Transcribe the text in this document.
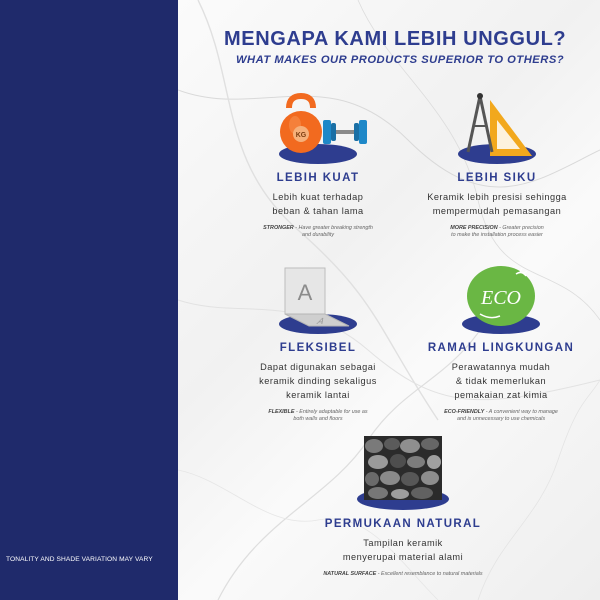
TONALITY AND SHADE VARIATION MAY VARY
MENGAPA KAMI LEBIH UNGGUL?
WHAT MAKES OUR PRODUCTS SUPERIOR TO OTHERS?
KG
LEBIH KUAT
Lebih kuat terhadap
beban & tahan lama
STRONGER - Have greater breaking strength
and durability
LEBIH SIKU
Keramik lebih presisi sehingga
mempermudah pemasangan
MORE PRECISION - Greater precision
to make the installation process easier
A
A
FLEKSIBEL
Dapat digunakan sebagai
keramik dinding sekaligus
keramik lantai
FLEXIBLE - Entirely adaptable for use as
both walls and floors
ECO
RAMAH LINGKUNGAN
Perawatannya mudah
& tidak memerlukan
pemakaian zat kimia
ECO-FRIENDLY - A convenient way to manage
and is unnecessary to use chemicals
PERMUKAAN NATURAL
Tampilan keramik
menyerupai material alami
NATURAL SURFACE - Excellent resemblance to natural materials
